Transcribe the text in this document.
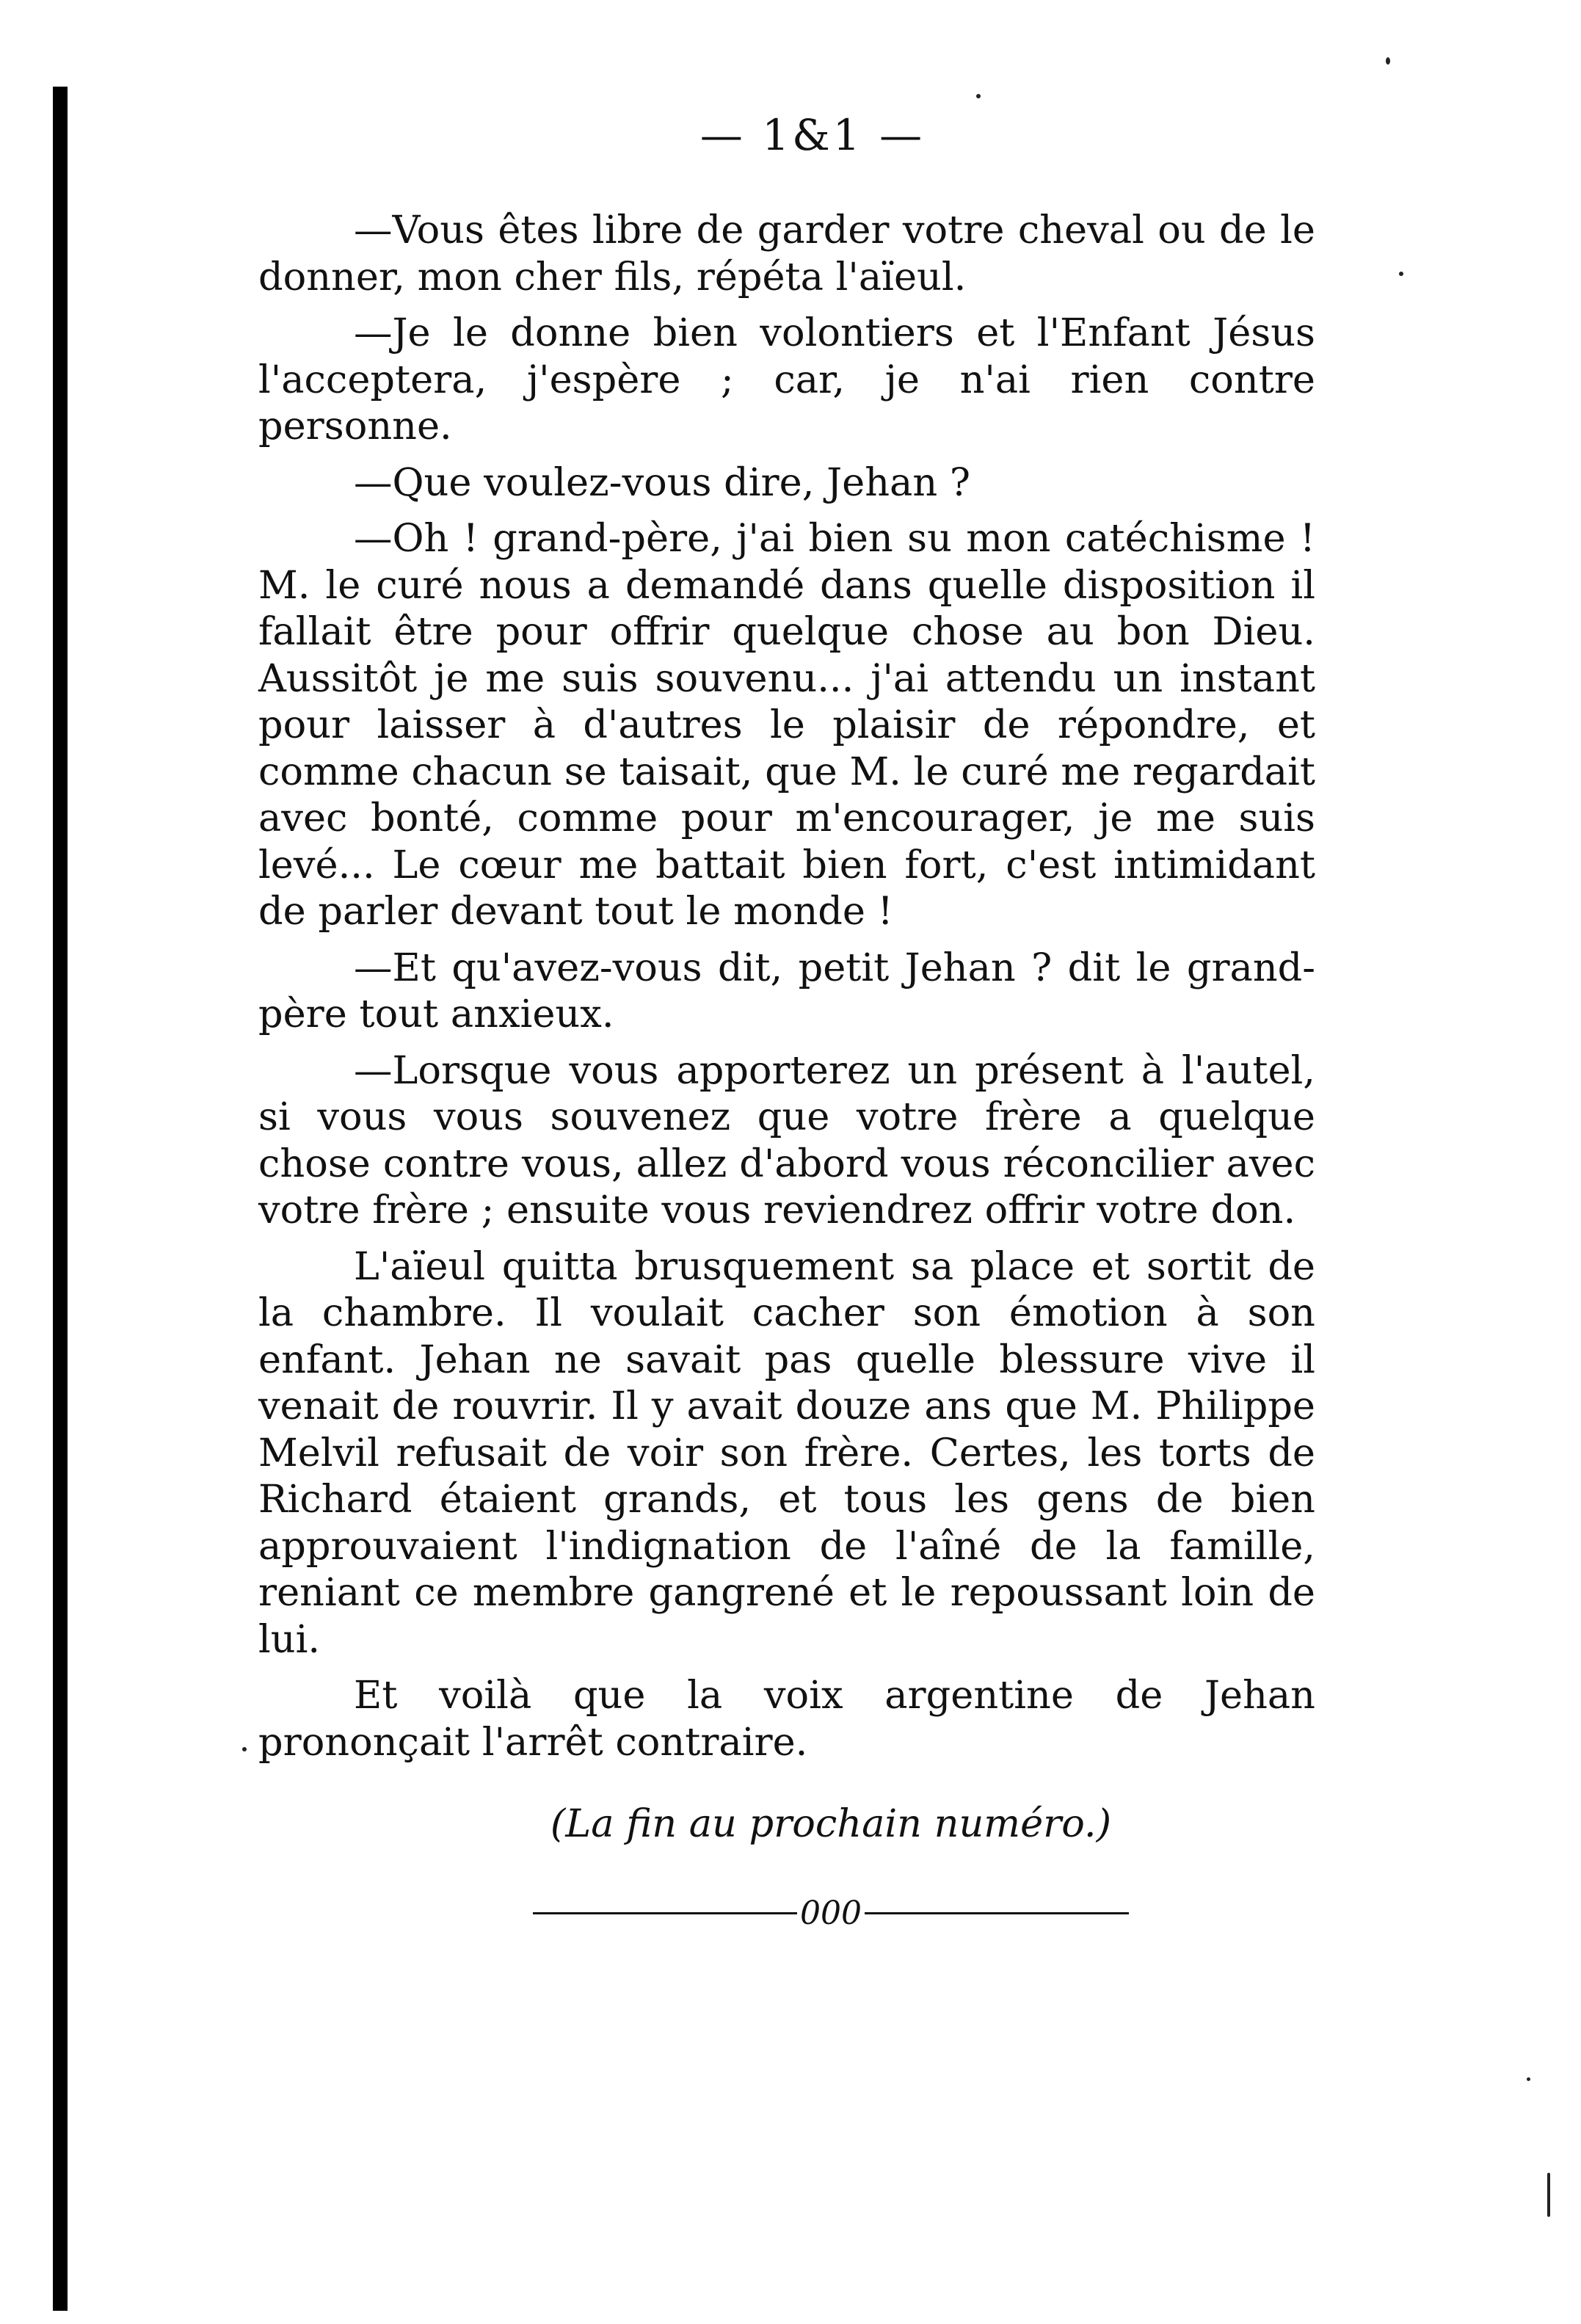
— 1&1 —

—Vous êtes libre de garder votre cheval ou de le donner, mon cher fils, répéta l'aïeul.

—Je le donne bien volontiers et l'Enfant Jésus l'acceptera, j'espère ; car, je n'ai rien contre personne.

—Que voulez-vous dire, Jehan ?

—Oh ! grand-père, j'ai bien su mon catéchisme ! M. le curé nous a demandé dans quelle disposition il fallait être pour offrir quelque chose au bon Dieu. Aussitôt je me suis souvenu... j'ai attendu un instant pour laisser à d'autres le plaisir de répondre, et comme chacun se taisait, que M. le curé me regardait avec bonté, comme pour m'encourager, je me suis levé... Le cœur me battait bien fort, c'est intimidant de parler devant tout le monde !

—Et qu'avez-vous dit, petit Jehan ? dit le grand-père tout anxieux.

—Lorsque vous apporterez un présent à l'autel, si vous vous souvenez que votre frère a quelque chose contre vous, allez d'abord vous réconcilier avec votre frère ; ensuite vous reviendrez offrir votre don.

L'aïeul quitta brusquement sa place et sortit de la chambre. Il voulait cacher son émotion à son enfant. Jehan ne savait pas quelle blessure vive il venait de rouvrir. Il y avait douze ans que M. Philippe Melvil refusait de voir son frère. Certes, les torts de Richard étaient grands, et tous les gens de bien approuvaient l'indignation de l'aîné de la famille, reniant ce membre gangrené et le repoussant loin de lui.

Et voilà que la voix argentine de Jehan prononçait l'arrêt contraire.

(La fin au prochain numéro.)

000
